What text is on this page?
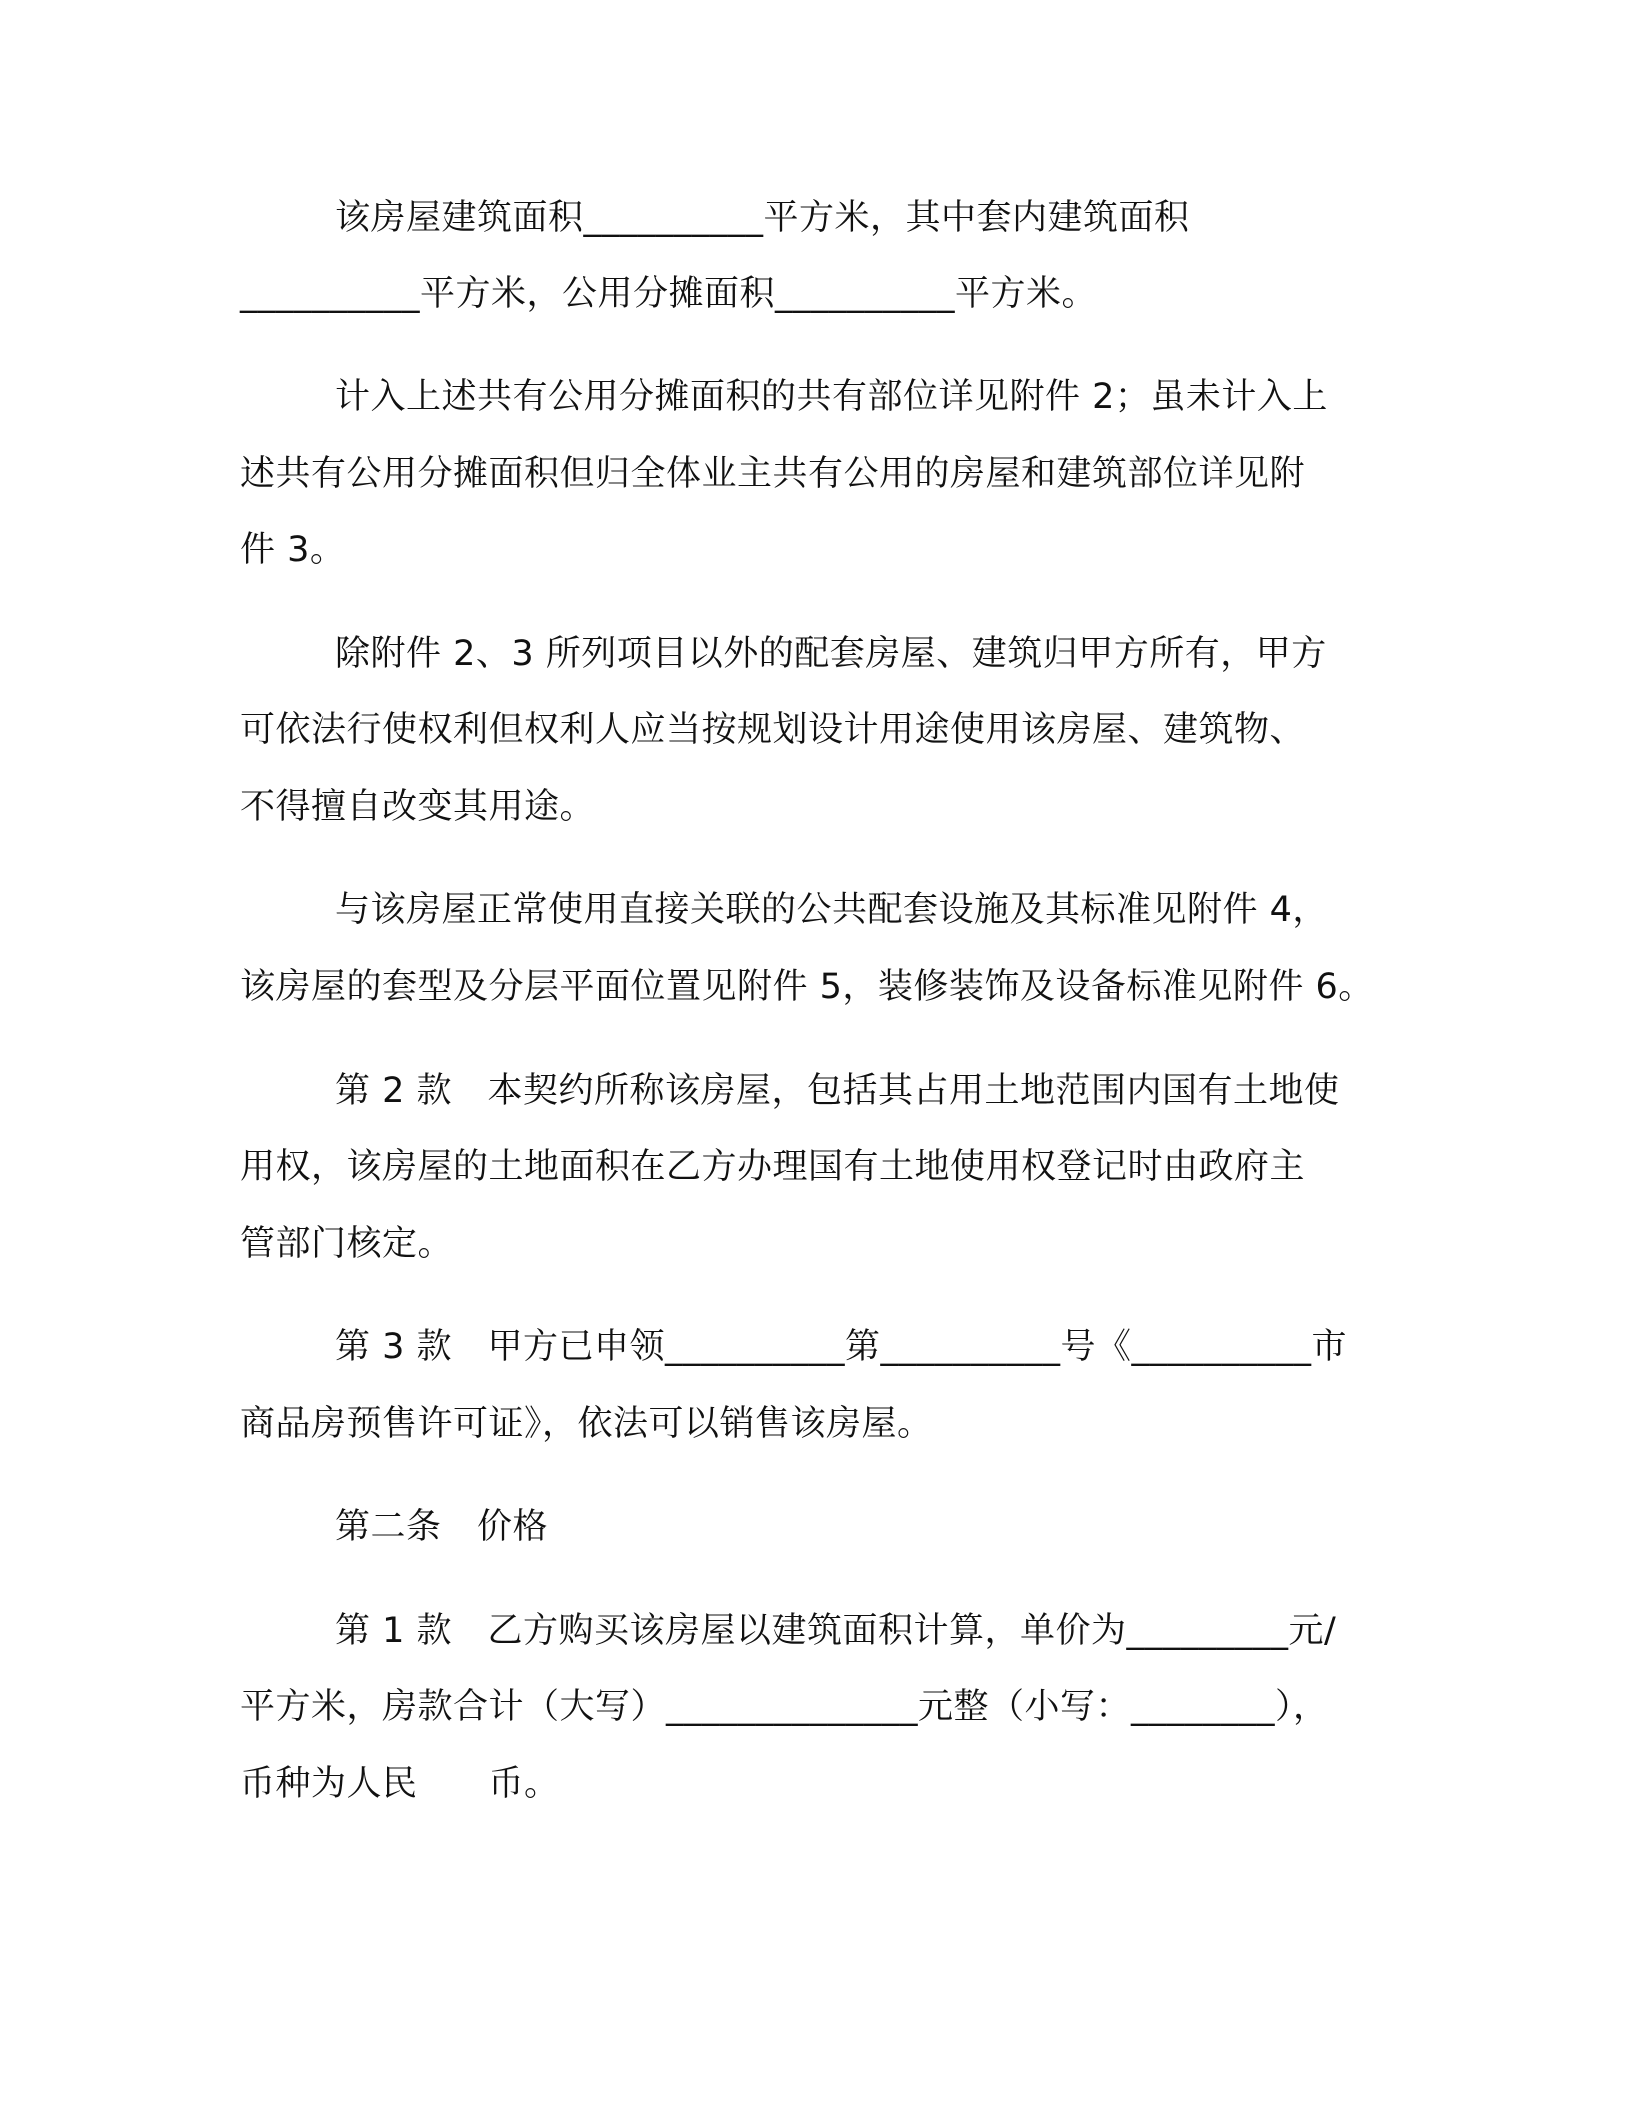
该房屋建筑面积__________平方米，其中套内建筑面积
__________平方米，公用分摊面积__________平方米。
计入上述共有公用分摊面积的共有部位详见附件 2；虽未计入上
述共有公用分摊面积但归全体业主共有公用的房屋和建筑部位详见附
件 3。
除附件 2、3 所列项目以外的配套房屋、建筑归甲方所有，甲方
可依法行使权利但权利人应当按规划设计用途使用该房屋、建筑物、
不得擅自改变其用途。
与该房屋正常使用直接关联的公共配套设施及其标准见附件 4，
该房屋的套型及分层平面位置见附件 5，装修装饰及设备标准见附件 6。
第 2 款　本契约所称该房屋，包括其占用土地范围内国有土地使
用权，该房屋的土地面积在乙方办理国有土地使用权登记时由政府主
管部门核定。
第 3 款　甲方已申领__________第__________号《__________市
商品房预售许可证》，依法可以销售该房屋。
第二条　价格
第 1 款　乙方购买该房屋以建筑面积计算，单价为_________元/
平方米，房款合计（大写）______________元整（小写：________），
币种为人民　　币。
